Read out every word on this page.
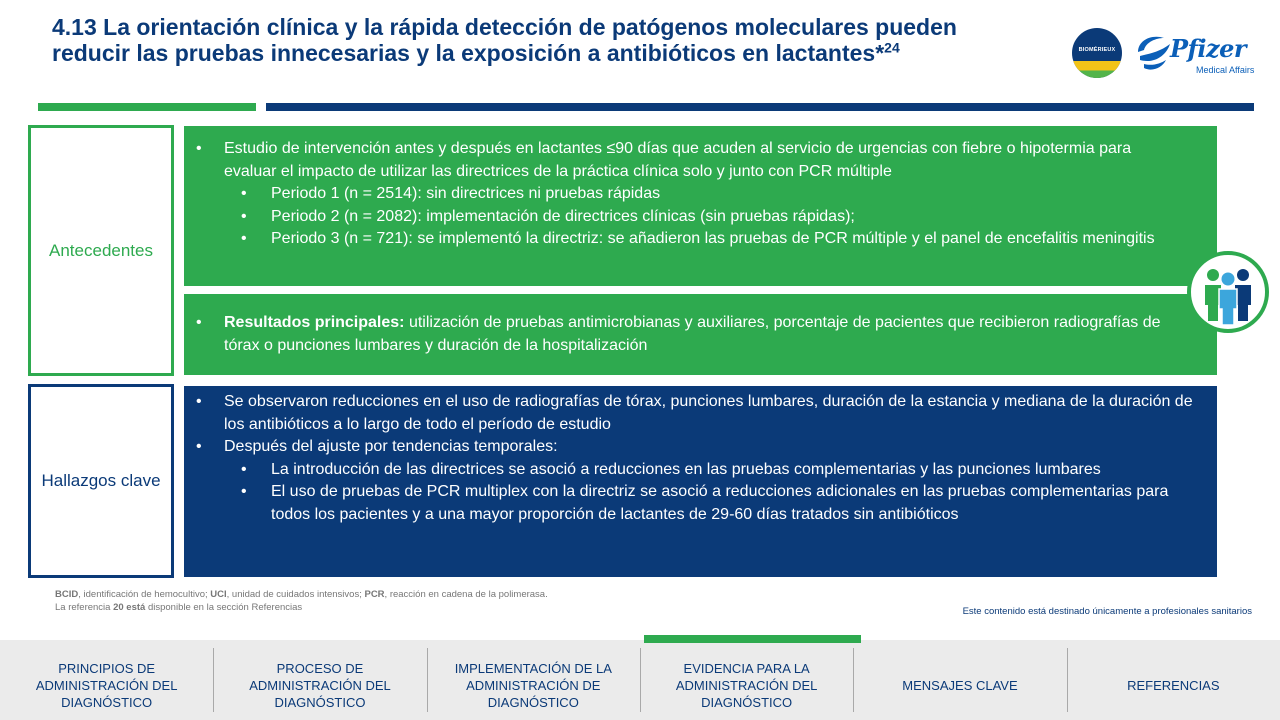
4.13 La orientación clínica y la rápida detección de patógenos moleculares pueden reducir las pruebas innecesarias y la exposición a antibióticos en lactantes*$^{24}$	BIOMÉRIEUX Pfizer
Medical Affairs
Antecedentes
• Estudio de intervención antes y después en lactantes ≤90 días que acuden al servicio de urgencias con fiebre o hipotermia para evaluar el impacto de utilizar las directrices de la práctica clínica solo y junto con PCR múltiple
• Periodo 1 (n = 2514): sin directrices ni pruebas rápidas
• Periodo 2 (n = 2082): implementación de directrices clínicas (sin pruebas rápidas);
• Periodo 3 (n = 721): se implementó la directriz: se añadieron las pruebas de PCR múltiple y el panel de encefalitis meningitis
• Resultados principales: utilización de pruebas antimicrobianas y auxiliares, porcentaje de pacientes que recibieron radiografías de tórax o punciones lumbares y duración de la hospitalización
Hallazgos clave
• Se observaron reducciones en el uso de radiografías de tórax, punciones lumbares, duración de la estancia y mediana de la duración de los antibióticos a lo largo de todo el período de estudio
• Después del ajuste por tendencias temporales:
• La introducción de las directrices se asoció a reducciones en las pruebas complementarias y las punciones lumbares
• El uso de pruebas de PCR multiplex con la directriz se asoció a reducciones adicionales en las pruebas complementarias para todos los pacientes y a una mayor proporción de lactantes de 29-60 días tratados sin antibióticos
BCID, identificación de hemocultivo; UCI, unidad de cuidados intensivos; PCR, reacción en cadena de la polimerasa.
La referencia 20 está disponible en la sección Referencias	Este contenido está destinado únicamente a profesionales sanitarios
PRINCIPIOS DE ADMINISTRACIÓN DEL DIAGNÓSTICO
PROCESO DE ADMINISTRACIÓN DEL DIAGNÓSTICO
IMPLEMENTACIÓN DE LA ADMINISTRACIÓN DE DIAGNÓSTICO
EVIDENCIA PARA LA ADMINISTRACIÓN DEL DIAGNÓSTICO
MENSAJES CLAVE	REFERENCIAS
